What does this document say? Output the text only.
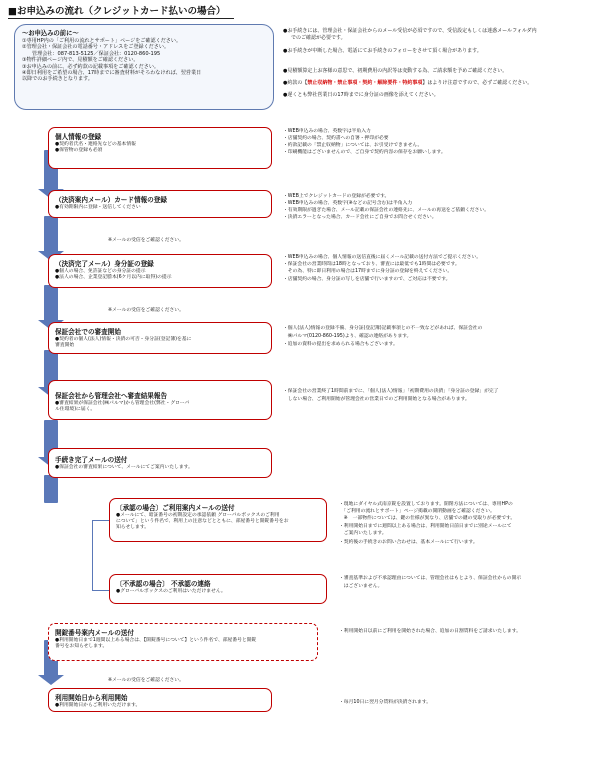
■お申込みの流れ（クレジットカード払いの場合）
～お申込みの前に～
①専用HP内の「ご利用の流れとサポート」ページをご確認ください。
②管理会社・保証会社の電話番号・アドレスをご登録ください。
管理会社：087-813-5125／保証会社：0120-860-195
③物件詳細ページ内で、見積額をご確認ください。
③お申込みの前に、必ず約款の記載事項をご確認ください。
④即日利用をご希望の場合、17時までに審査材料がそろわなければ、翌営業日
以降でのお手続きとなります。
●お手続きには、管理会社・保証会社からのメール受信が必須ですので、受信設定もしくは迷惑メールフォルダ内
でのご確認が必要です。
●お手続きが中断した場合、電話にてお手続きのフォローをさせて頂く場合があります。
●見積額算定上お客様の意思で、初期費用の内訳等は変動する為、ご請求額を予めご確認ください。
●約款の【禁止収納物・禁止事項・契約・解除要件・特約事項】はよりけ注意ですので、必ずご確認ください。
●遅くとも弊社営業日の17時までに身分証の画像を添えてください。
個人情報の登録
●契約者氏名・連絡先などの基本情報
●保管物の登録も必須
・WEB申込みの場合、英数字は半角入力
・店舗契約の場合、契約書への自署・押印が必要
・約款記載の「禁止収納物」については、お引受けできません。
・印刷機能はございませんので、ご自身で契約内容の保存をお願いします。
（決済案内メール）カード情報の登録
●有効期限内に登録・送信してください
※メールの受信をご確認ください。
・WEB上でクレジットカードの登録が必要です。
・WEB申込みの場合、英数字(※などの記号含む)は半角入力
・有効期限が過ぎた場合、メール記載の保証会社の連絡先に、メールの再送をご依頼ください。
・決済エラーとなった場合、カード会社にご自身でお問合せください。
（決済完了メール）身分証の登録
●個人の場合、免許証などの身分証の提示
●法人の場合、企業登記謄本(6ケ月以内に取得)の提示
※メールの受信をご確認ください。
・WEB申込みの場合、個人情報の送信直後に届くメール記載の送付方法でご提示ください。
・保証会社の営業時間は18時となっており、審査には最低でも1時間は必要です。
　その為、特に即日利用の場合は17時までに身分証の登録を終えてください。
・店舗契約の場合、身分証の写しを店舗で行いますので、ご対応は不要です。
保証会社での審査開始
●契約者の個人(法人)情報・決済の可否・身分証(登記簿)を基に
審査開始
・個人(法人)情報の登録不備、身分証(登記簿)記載事項との不一致などがあれば、保証会社の
　㈱パルマ(0120-860-195)より、確認の連絡があります。
・追加の資料の提出を求められる場合もございます。
保証会社から管理会社へ審査結果報告
●審査結果が保証会社(㈱パルマ)から管理会社(弊社・グローバ
ル住環境)に届く。
・保証会社の営業終了1時間前までに、「個人(法人)情報」「初期費用の決済」「身分証の登録」が完了
　しない場合、ご利用開始が管理会社の営業日でのご利用開始となる場合があります。
手続き完了メールの送付
●保証会社の審査結果について、メールにてご案内いたします。
〔承認の場合〕ご利用案内メールの送付
●メールにて、暗証番号の初期設定の承認依頼 グローバルボックスのご利用
について」という件名で、利用上の注意などとともに、部屋番号と開錠番号をお
知らせします。
・現地にダイヤル式南京錠を設置しております。開閉方法については、専用HPの
　「ご利用の流れとサポート」ページ掲載の開閉動画をご確認ください。
　※　一部物件については、鍵の仕様が異なり、店舗での鍵の受取りが必要です。
・利用開始日までに週間以上ある場合は、利用開始日前日までに別途メールにて
　ご案内いたします。
・契約後の手続きのお問い合わせは、基本メールにて行います。
〔不承認の場合〕 不承認の連絡
●グローバルボックスのご利用はいただけません。
・審査基準および不承認理由については、管理会社はもとより、保証会社からの開示
　はございません。
開錠番号案内メールの送付
●利用開始日まで1週間以上ある場合は、【開錠番号について】という件名で、部屋番号と開錠
番号をお知らせします。
※メールの受信をご確認ください。
・利用開始日以前にご利用を開始された場合、追加の日割賃料をご請求いたします。
利用開始日から利用開始
●利用開始日からご利用いただけます。
・毎月10日に翌月分賃料が決済されます。
